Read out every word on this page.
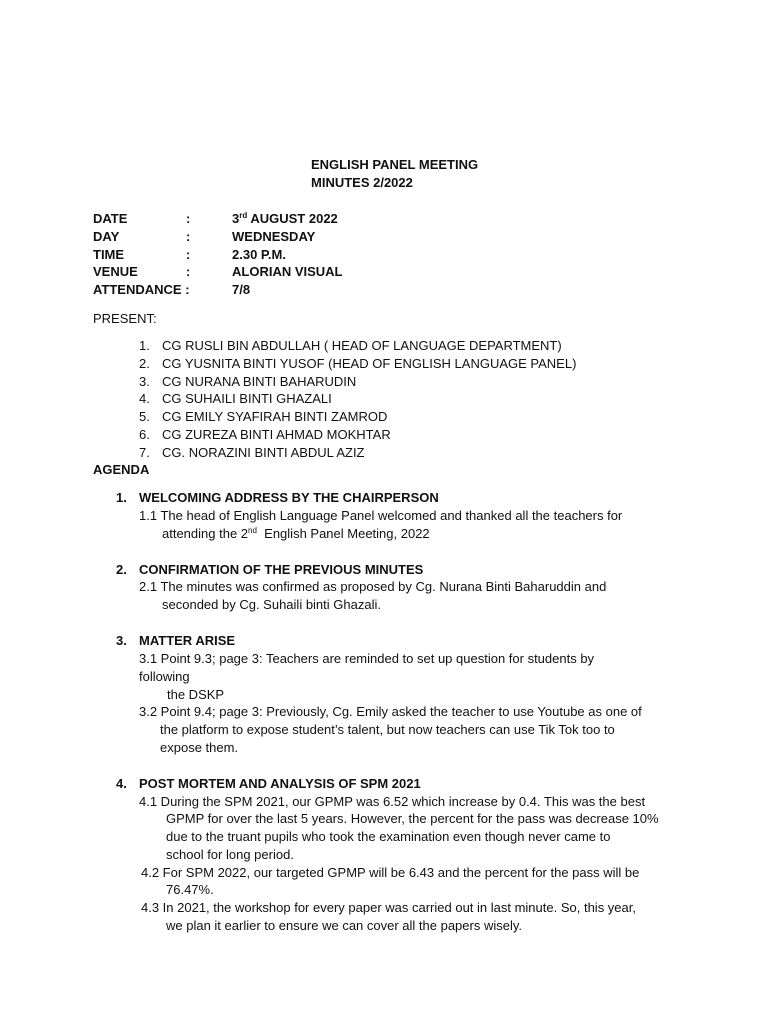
ENGLISH PANEL MEETING
MINUTES 2/2022
DATE	:	3rd AUGUST 2022
DAY	:	WEDNESDAY
TIME	:	2.30 P.M.
VENUE	:	ALORIAN VISUAL
ATTENDANCE :	7/8
PRESENT:
1. CG RUSLI BIN ABDULLAH ( HEAD OF LANGUAGE DEPARTMENT)
2. CG YUSNITA BINTI YUSOF (HEAD OF ENGLISH LANGUAGE PANEL)
3. CG NURANA BINTI BAHARUDIN
4. CG SUHAILI BINTI GHAZALI
5. CG EMILY SYAFIRAH BINTI ZAMROD
6. CG ZUREZA BINTI AHMAD MOKHTAR
7. CG. NORAZINI BINTI ABDUL AZIZ
AGENDA
1. WELCOMING ADDRESS BY THE CHAIRPERSON
1.1 The head of English Language Panel welcomed and thanked all the teachers for
attending the 2nd  English Panel Meeting, 2022
2. CONFIRMATION OF THE PREVIOUS MINUTES
2.1 The minutes was confirmed as proposed by Cg. Nurana Binti Baharuddin and
seconded by Cg. Suhaili binti Ghazali.
3. MATTER ARISE
3.1 Point 9.3; page 3: Teachers are reminded to set up question for students by
following
the DSKP
3.2 Point 9.4; page 3: Previously, Cg. Emily asked the teacher to use Youtube as one of
the platform to expose student’s talent, but now teachers can use Tik Tok too to
expose them.
4. POST MORTEM AND ANALYSIS OF SPM 2021
4.1 During the SPM 2021, our GPMP was 6.52 which increase by 0.4. This was the best
GPMP for over the last 5 years. However, the percent for the pass was decrease 10%
due to the truant pupils who took the examination even though never came to
school for long period.
4.2 For SPM 2022, our targeted GPMP will be 6.43 and the percent for the pass will be
76.47%.
4.3 In 2021, the workshop for every paper was carried out in last minute. So, this year,
we plan it earlier to ensure we can cover all the papers wisely.
